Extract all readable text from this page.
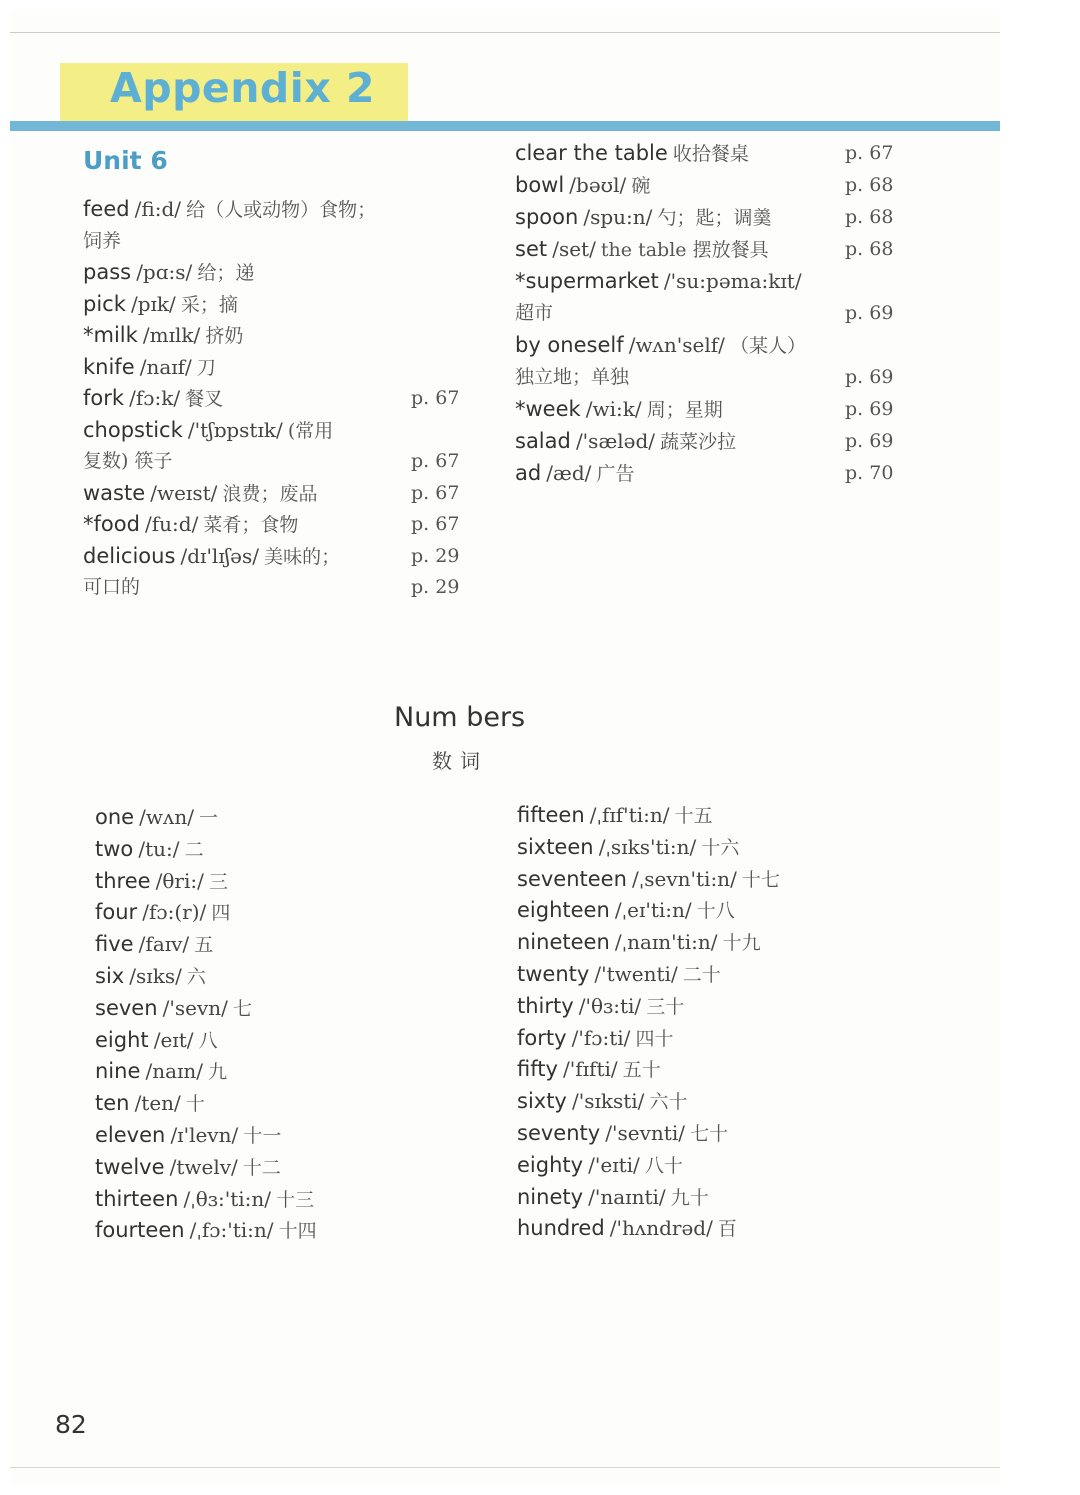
Appendix 2
Unit 6
feed /fi:d/ 给（人或动物）食物；
饲养
pass /pɑ:s/ 给；递
pick /pɪk/ 采；摘
*milk /mɪlk/ 挤奶
knife /naɪf/ 刀
fork /fɔ:k/ 餐叉
chopstick /'tʃɒpstɪk/ (常用
复数) 筷子
waste /weɪst/ 浪费；废品
*food /fu:d/ 菜肴；食物
delicious /dɪ'lɪʃəs/ 美味的；
可口的
p. 67
p. 67
p. 67
p. 67
p. 29
p. 29
clear the table 收拾餐桌
bowl /bəʊl/ 碗
spoon /spu:n/ 勺；匙；调羹
set /set/ the table 摆放餐具
*supermarket /'su:pəma:kɪt/
超市
by oneself /wʌn'self/ （某人）
独立地；单独
*week /wi:k/ 周；星期
salad /'sæləd/ 蔬菜沙拉
ad /æd/ 广告
p. 67
p. 68
p. 68
p. 68
p. 69
p. 69
p. 69
p. 69
p. 70
Num bers
数词
one /wʌn/ 一
two /tu:/ 二
three /θri:/ 三
four /fɔ:(r)/ 四
five /faɪv/ 五
six /sɪks/ 六
seven /'sevn/ 七
eight /eɪt/ 八
nine /naɪn/ 九
ten /ten/ 十
eleven /ɪ'levn/ 十一
twelve /twelv/ 十二
thirteen /ˌθɜ:'ti:n/ 十三
fourteen /ˌfɔ:'ti:n/ 十四
fifteen /ˌfɪf'ti:n/ 十五
sixteen /ˌsɪks'ti:n/ 十六
seventeen /ˌsevn'ti:n/ 十七
eighteen /ˌeɪ'ti:n/ 十八
nineteen /ˌnaɪn'ti:n/ 十九
twenty /'twenti/ 二十
thirty /'θɜ:ti/ 三十
forty /'fɔ:ti/ 四十
fifty /'fɪfti/ 五十
sixty /'sɪksti/ 六十
seventy /'sevnti/ 七十
eighty /'eɪti/ 八十
ninety /'naɪnti/ 九十
hundred /'hʌndrəd/ 百
82
